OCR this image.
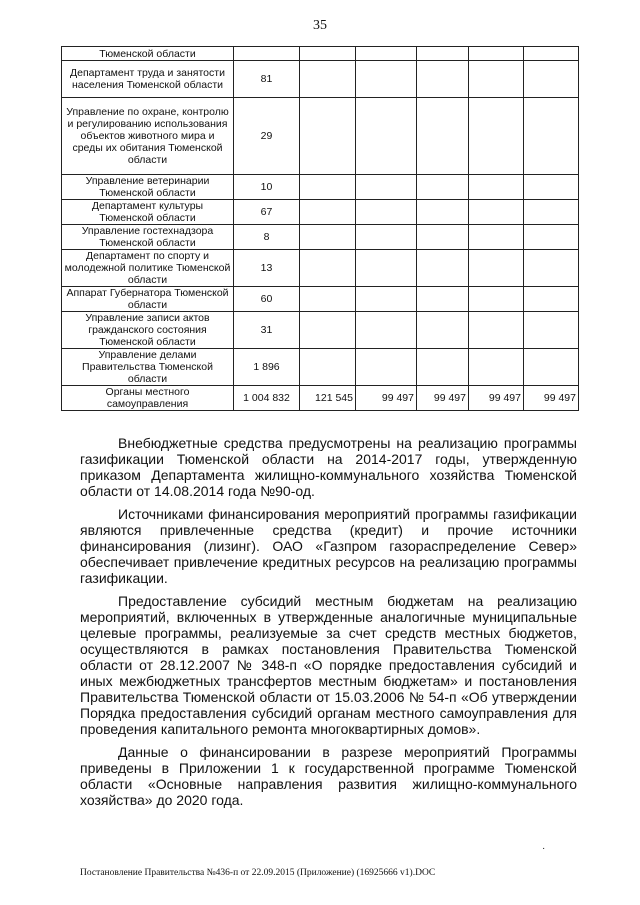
35
Тюменской области						
Департамент труда и занятости населения Тюменской области	81					
Управление по охране, контролю и регулированию использования объектов животного мира и среды их обитания Тюменской области	29					
Управление ветеринарии Тюменской области	10					
Департамент культуры Тюменской области	67					
Управление гостехнадзора Тюменской области	8					
Департамент по спорту и молодежной политике Тюменской области	13					
Аппарат Губернатора Тюменской области	60					
Управление записи актов гражданского состояния Тюменской области	31					
Управление делами Правительства Тюменской области	1 896					
Органы местного самоуправления	1 004 832	121 545	99 497	99 497	99 497	99 497

Внебюджетные средства предусмотрены на реализацию программы газификации Тюменской области на 2014-2017 годы, утвержденную приказом Департамента жилищно-коммунального хозяйства Тюменской области от 14.08.2014 года №90-од.

Источниками финансирования мероприятий программы газификации являются привлеченные средства (кредит) и прочие источники финансирования (лизинг). ОАО «Газпром газораспределение Север» обеспечивает привлечение кредитных ресурсов на реализацию программы газификации.

Предоставление субсидий местным бюджетам на реализацию мероприятий, включенных в утвержденные аналогичные муниципальные целевые программы, реализуемые за счет средств местных бюджетов, осуществляются в рамках постановления Правительства Тюменской области от 28.12.2007 № 348-п «О порядке предоставления субсидий и иных межбюджетных трансфертов местным бюджетам» и постановления Правительства Тюменской области от 15.03.2006 № 54-п «Об утверждении Порядка предоставления субсидий органам местного самоуправления для проведения капитального ремонта многоквартирных домов».

Данные о финансировании в разрезе мероприятий Программы приведены в Приложении 1 к государственной программе Тюменской области «Основные направления развития жилищно-коммунального хозяйства» до 2020 года.

·
Постановление Правительства №436-п от 22.09.2015 (Приложение) (16925666 v1).DOC
